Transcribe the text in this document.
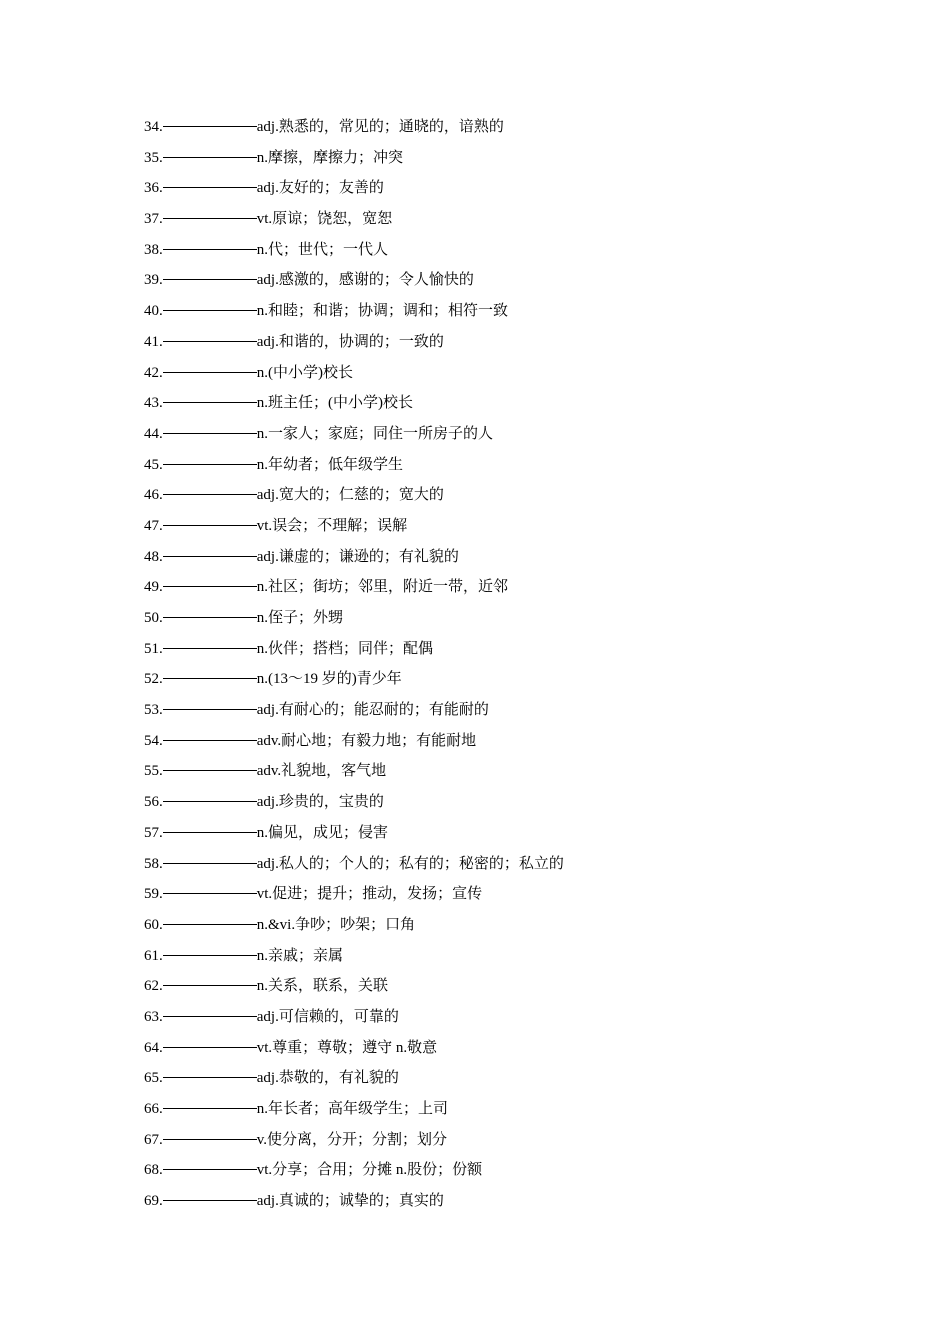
34.	adj.熟悉的，常见的；通晓的，谙熟的
35.	n.摩擦，摩擦力；冲突
36.	adj.友好的；友善的
37.	vt.原谅；饶恕，宽恕
38.	n.代；世代；一代人
39.	adj.感激的，感谢的；令人愉快的
40.	n.和睦；和谐；协调；调和；相符一致
41.	adj.和谐的，协调的；一致的
42.	n.(中小学)校长
43.	n.班主任；(中小学)校长
44.	n.一家人；家庭；同住一所房子的人
45.	n.年幼者；低年级学生
46.	adj.宽大的；仁慈的；宽大的
47.	vt.误会；不理解；误解
48.	adj.谦虚的；谦逊的；有礼貌的
49.	n.社区；街坊；邻里，附近一带，近邻
50.	n.侄子；外甥
51.	n.伙伴；搭档；同伴；配偶
52.	n.(13～19 岁的)青少年
53.	adj.有耐心的；能忍耐的；有能耐的
54.	adv.耐心地；有毅力地；有能耐地
55.	adv.礼貌地，客气地
56.	adj.珍贵的，宝贵的
57.	n.偏见，成见；侵害
58.	adj.私人的；个人的；私有的；秘密的；私立的
59.	vt.促进；提升；推动，发扬；宣传
60.	n.&vi.争吵；吵架；口角
61.	n.亲戚；亲属
62.	n.关系，联系，关联
63.	adj.可信赖的，可靠的
64.	vt.尊重；尊敬；遵守 n.敬意
65.	adj.恭敬的，有礼貌的
66.	n.年长者；高年级学生；上司
67.	v.使分离，分开；分割；划分
68.	vt.分享；合用；分摊 n.股份；份额
69.	adj.真诚的；诚挚的；真实的
